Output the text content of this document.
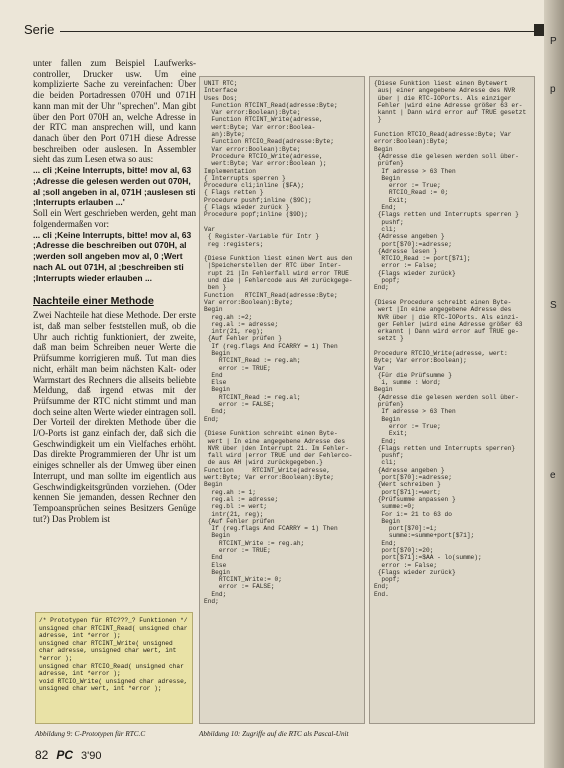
Serie

unter fallen zum Beispiel Laufwerks-controller, Drucker usw. Um eine komplizierte Sache zu vereinfachen: Über die beiden Portadressen 070H und 071H kann man mit der Uhr "sprechen". Man gibt über den Port 070H an, welche Adresse in der RTC man ansprechen will, und kann danach über den Port 071H diese Adresse beschreiben oder auslesen. In Assembler sieht das zum Lesen etwa so aus:

... cli ;Keine Interrupts, bitte! mov al, 63 ;Adresse die gelesen werden out 070H, al ;soll angeben in al, 071H ;auslesen sti ;Interrupts erlauben ...'

Soll ein Wert geschrieben werden, geht man folgendermaßen vor:

... cli ;Keine Interrupts, bitte! mov al, 63 ;Adresse die beschreiben out 070H, al ;werden soll angeben mov al, 0 ;Wert nach AL out 071H, al ;beschreiben sti ;Interrupts wieder erlauben ...

Nachteile einer Methode

Zwei Nachteile hat diese Methode. Der erste ist, daß man selber feststellen muß, ob die Uhr auch richtig funktioniert, der zweite, daß man beim Schreiben neuer Werte die Prüfsumme korrigieren muß. Tut man dies nicht, erhält man beim nächsten Kalt- oder Warmstart des Rechners die allseits beliebte Meldung, daß irgend etwas mit der Prüfsumme der RTC nicht stimmt und man doch seine alten Werte wieder eintragen soll.

Der Vorteil der direkten Methode über die I/O-Ports ist ganz einfach der, daß sich die Geschwindigkeit um ein Vielfaches erhöht. Das direkte Programmieren der Uhr ist um einiges schneller als der Umweg über einen Interrupt, und man sollte im eigentlich aus Geschwindigkeitsgründen vorziehen. (Oder kennen Sie jemanden, dessen Rechner den Tempoansprüchen seines Besitzers Genüge tut?) Das Problem ist

/* Prototypen für RTC???_? Funktionen */
unsigned char RTCINT_Read( unsigned char adresse, int *error );
unsigned char RTCINT_Write( unsigned char adresse, unsigned char wert, int *error );
unsigned char RTCIO_Read( unsigned char adresse, int *error );
void RTCIO_Write( unsigned char adresse, unsigned char wert, int *error );
UNIT RTC;
Interface
Uses Dos;
Function RTCINT_Read(adresse:Byte;
Var error:Boolean):Byte;
Function RTCINT_Write(adresse,
wert:Byte; Var error:Boolea-
an):Byte;
Function RTCIO_Read(adresse:Byte;
Var error:Boolean):Byte;
Procedure RTCIO_Write(adresse,
wert:Byte; Var error:Boolean );
Implementation
{ Interrupts sperren }
Procedure cli;inline ($FA);
{ Flags retten }
Procedure pushf;inline ($9C);
{ Flags wieder zurück }
Procedure popf;inline ($9D);

Var
{ Register-Variable für Intr }
reg :registers;

{Diese Funktion liest einen Wert aus den
|Speicherstellen der RTC über Inter-
rupt 21 |In Fehlerfall wird error TRUE
und die | Fehlercode aus AH zurückgege-
ben }
Function   RTCINT_Read(adresse:Byte;
Var error:Boolean):Byte;
Begin
reg.ah :=2;
reg.al := adresse;
intr(21, reg);
{Auf Fehler prüfen }
If (reg.flags And FCARRY = 1) Then
Begin
RTCINT_Read := reg.ah;
error := TRUE;
End
Else
Begin
RTCINT_Read := reg.al;
error := FALSE;
End;
End;

{Diese Funktion schreibt einen Byte-
wert | In eine angegebene Adresse des
NVR über |den Interrupt 21. Im Fehler-
fall wird |error TRUE und der Fehlerco-
de aus AH |wird zurückgegeben.}
Function     RTCINT_Write(adresse,
wert:Byte; Var error:Boolean):Byte;
Begin
reg.ah := 1;
reg.al := adresse;
reg.bl := wert;
intr(21, reg);
{Auf Fehler prüfen
If (reg.flags And FCARRY = 1) Then
Begin
RTCINT_Write := reg.ah;
error := TRUE;
End
Else
Begin
RTCINT_Write:= 0;
error := FALSE;
End;
End;
{Diese Funktion liest einen Bytewert
aus| einer angegebene Adresse des NVR
über | die RTC-IOPorts. Als einziger
Fehler |wird eine Adresse größer 63 er-
kannt | Dann wird error auf TRUE gesetzt
}

Function RTCIO_Read(adresse:Byte; Var
error:Boolean):Byte;
Begin
{Adresse die gelesen werden soll über-
prüfen}
If adresse > 63 Then
Begin
error := True;
RTCIO_Read := 0;
Exit;
End;
{Flags retten und Interrupts sperren }
pushf;
cli;
{Adresse angeben }
port[$70]:=adresse;
{Adresse lesen }
RTCIO_Read := port[$71];
error := False;
{Flags wieder zurück}
popf;
End;

{Diese Procedure schreibt einen Byte-
wert |In eine angegebene Adresse des
NVR über | die RTC-IOPorts. Als einzi-
ger Fehler |wird eine Adresse größer 63
erkannt | Dann wird error auf TRUE ge-
setzt }

Procedure RTCIO_Write(adresse, wert:
Byte; Var error:Boolean);
Var
{Für die Prüfsumme }
i, summe : Word;
Begin
{Adresse die gelesen werden soll über-
prüfen}
If adresse > 63 Then
Begin
error := True;
Exit;
End;
{Flags retten und Interrupts sperren}
pushf;
cli;
{Adresse angeben }
port[$70]:=adresse;
{Wert schreiben }
port[$71]:=wert;
{Prüfsumme anpassen }
summe:=0;
For i:= 21 to 63 do
Begin
port[$70]:=i;
summe:=summe+port[$71];
End;
port[$70]:=20;
port[$71]:=$AA - lo(summe);
error := False;
{Flags wieder zurück}
popf;
End;
End.
Abbildung 9: C-Prototypen für RTC.C	Abbildung 10: Zugriffe auf die RTC als Pascal-Unit
82 PC 3'90
P
p
S
e
